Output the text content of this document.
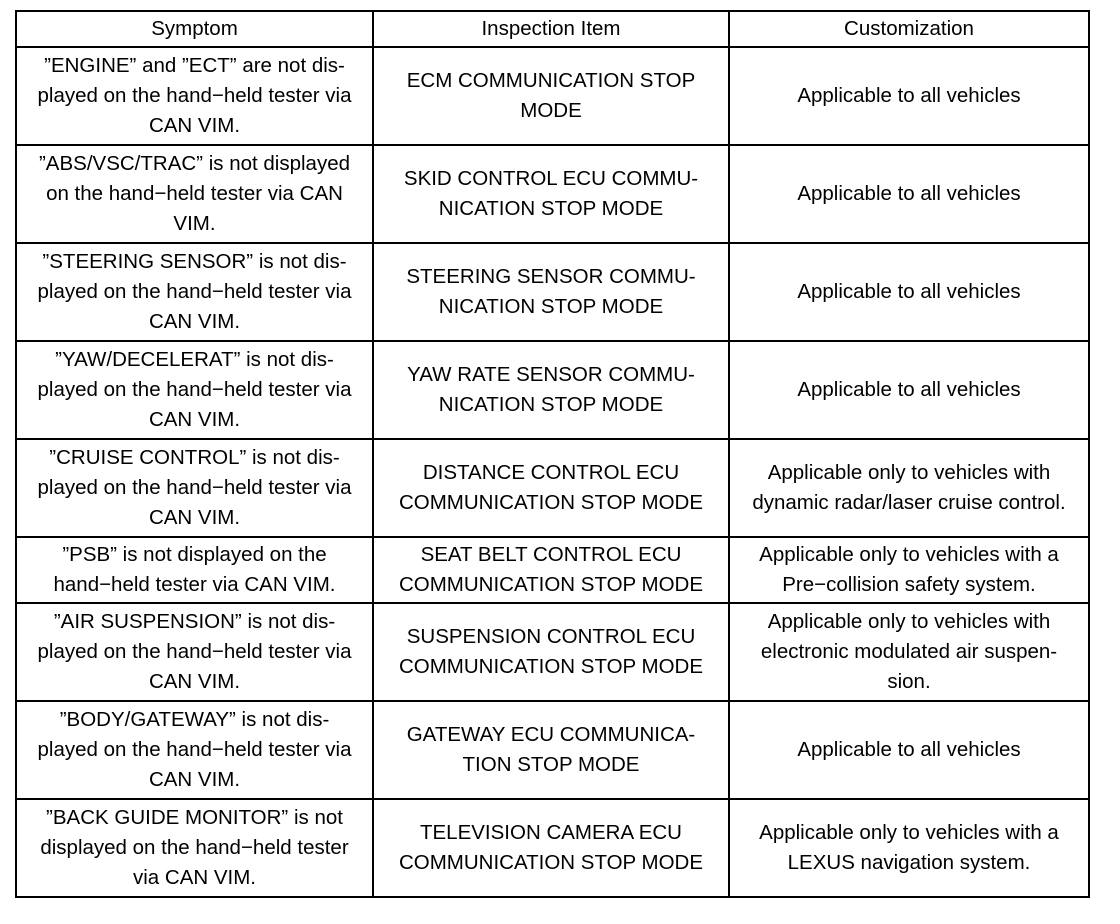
Symptom	Inspection Item	Customization
”ENGINE” and ”ECT” are not dis-
played on the hand−held tester via
CAN VIM.	ECM COMMUNICATION STOP
MODE	Applicable to all vehicles
”ABS/VSC/TRAC” is not displayed
on the hand−held tester via CAN
VIM.	SKID CONTROL ECU COMMU-
NICATION STOP MODE	Applicable to all vehicles
”STEERING SENSOR” is not dis-
played on the hand−held tester via
CAN VIM.	STEERING SENSOR COMMU-
NICATION STOP MODE	Applicable to all vehicles
”YAW/DECELERAT” is not dis-
played on the hand−held tester via
CAN VIM.	YAW RATE SENSOR COMMU-
NICATION STOP MODE	Applicable to all vehicles
”CRUISE CONTROL” is not dis-
played on the hand−held tester via
CAN VIM.	DISTANCE CONTROL ECU
COMMUNICATION STOP MODE	Applicable only to vehicles with
dynamic radar/laser cruise control.
”PSB” is not displayed on the
hand−held tester via CAN VIM.	SEAT BELT CONTROL ECU
COMMUNICATION STOP MODE	Applicable only to vehicles with a
Pre−collision safety system.
”AIR SUSPENSION” is not dis-
played on the hand−held tester via
CAN VIM.	SUSPENSION CONTROL ECU
COMMUNICATION STOP MODE	Applicable only to vehicles with
electronic modulated air suspen-
sion.
”BODY/GATEWAY” is not dis-
played on the hand−held tester via
CAN VIM.	GATEWAY ECU COMMUNICA-
TION STOP MODE	Applicable to all vehicles
”BACK GUIDE MONITOR” is not
displayed on the hand−held tester
via CAN VIM.	TELEVISION CAMERA ECU
COMMUNICATION STOP MODE	Applicable only to vehicles with a
LEXUS navigation system.
